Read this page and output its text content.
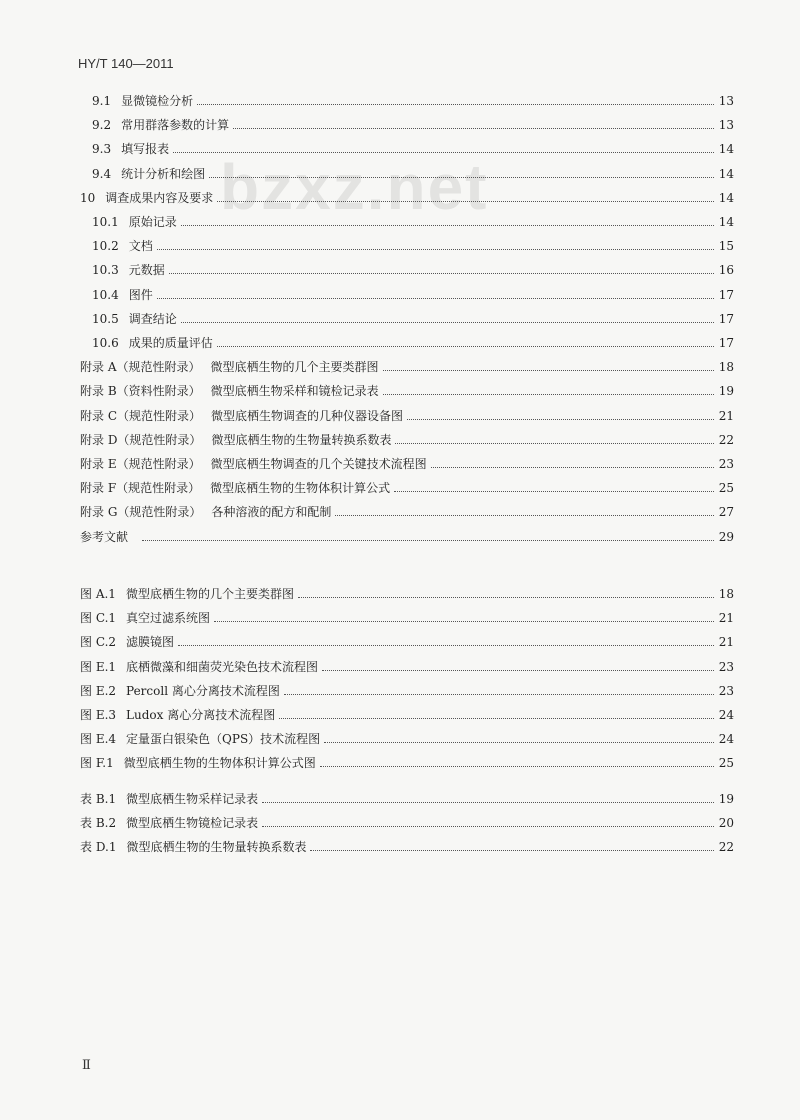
HY/T 140—2011
bzxz.net
9.1 显微镜检分析	13
9.2 常用群落参数的计算	13
9.3 填写报表	14
9.4 统计分析和绘图	14
10 调查成果内容及要求	14
10.1 原始记录	14
10.2 文档	15
10.3 元数据	16
10.4 图件	17
10.5 调查结论	17
10.6 成果的质量评估	17
附录 A（规范性附录） 微型底栖生物的几个主要类群图	18
附录 B（资料性附录） 微型底栖生物采样和镜检记录表	19
附录 C（规范性附录） 微型底栖生物调查的几种仪器设备图	21
附录 D（规范性附录） 微型底栖生物的生物量转换系数表	22
附录 E（规范性附录） 微型底栖生物调查的几个关键技术流程图	23
附录 F（规范性附录） 微型底栖生物的生物体积计算公式	25
附录 G（规范性附录） 各种溶液的配方和配制	27
参考文献	29
图 A.1 微型底栖生物的几个主要类群图	18
图 C.1 真空过滤系统图	21
图 C.2 滤膜镜图	21
图 E.1 底栖微藻和细菌荧光染色技术流程图	23
图 E.2 Percoll 离心分离技术流程图	23
图 E.3 Ludox 离心分离技术流程图	24
图 E.4 定量蛋白银染色（QPS）技术流程图	24
图 F.1 微型底栖生物的生物体积计算公式图	25
表 B.1 微型底栖生物采样记录表	19
表 B.2 微型底栖生物镜检记录表	20
表 D.1 微型底栖生物的生物量转换系数表	22
Ⅱ
